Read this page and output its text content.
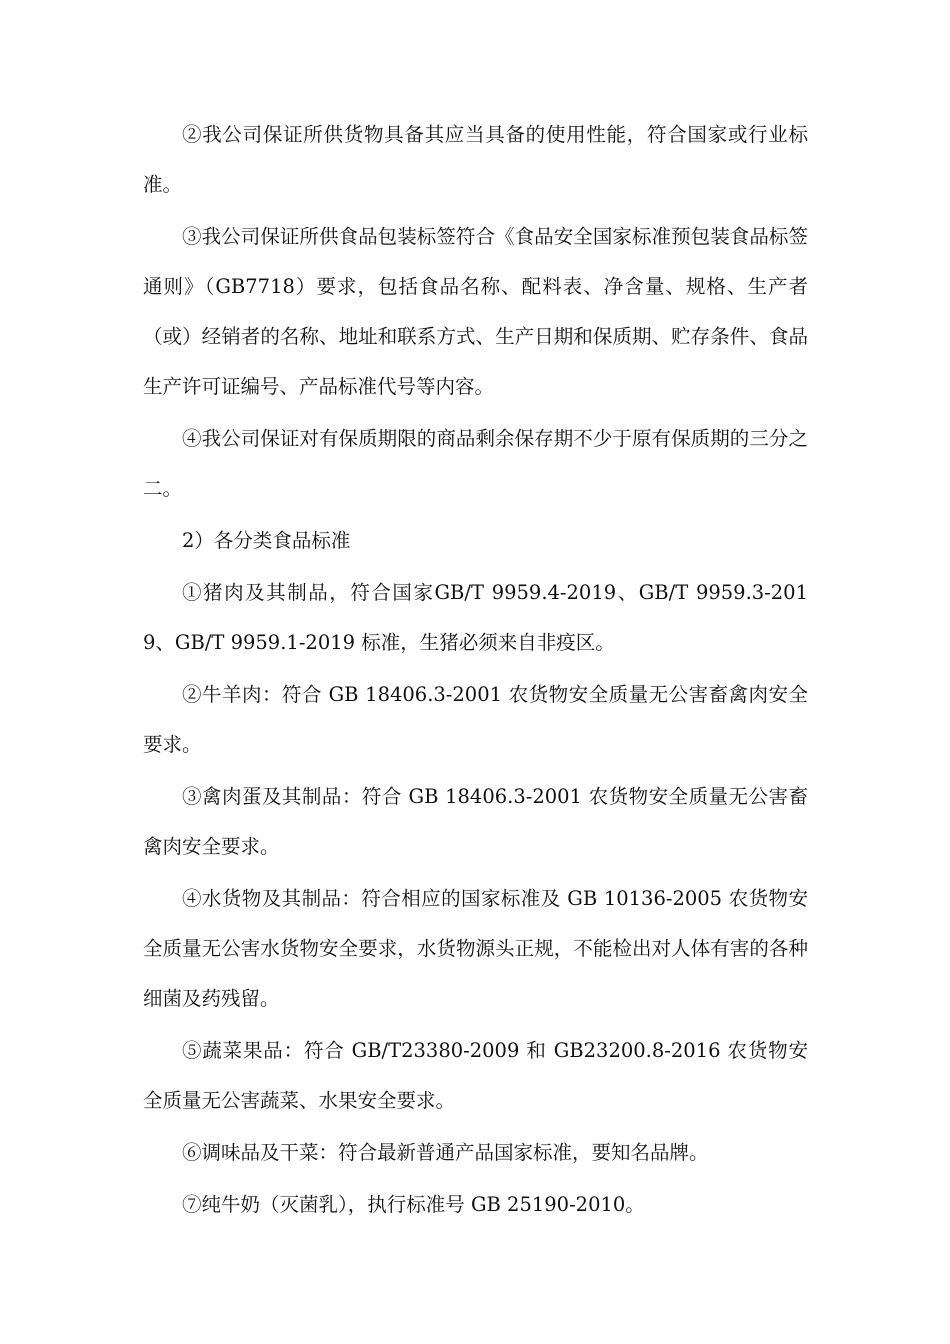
②我公司保证所供货物具备其应当具备的使用性能，符合国家或行业标准。

③我公司保证所供食品包装标签符合《食品安全国家标准预包装食品标签通则》（GB7718）要求，包括食品名称、配料表、净含量、规格、生产者（或）经销者的名称、地址和联系方式、生产日期和保质期、贮存条件、食品生产许可证编号、产品标准代号等内容。

④我公司保证对有保质期限的商品剩余保存期不少于原有保质期的三分之二。

2）各分类食品标准

①猪肉及其制品，符合国家GB/T 9959.4-2019、GB/T 9959.3-2019、GB/T 9959.1-2019 标准，生猪必须来自非疫区。

②牛羊肉：符合 GB 18406.3-2001 农货物安全质量无公害畜禽肉安全要求。

③禽肉蛋及其制品：符合 GB 18406.3-2001 农货物安全质量无公害畜禽肉安全要求。

④水货物及其制品：符合相应的国家标准及 GB 10136-2005 农货物安全质量无公害水货物安全要求，水货物源头正规，不能检出对人体有害的各种细菌及药残留。

⑤蔬菜果品：符合 GB/T23380-2009 和 GB23200.8-2016 农货物安全质量无公害蔬菜、水果安全要求。

⑥调味品及干菜：符合最新普通产品国家标准，要知名品牌。

⑦纯牛奶（灭菌乳），执行标准号 GB 25190-2010。
